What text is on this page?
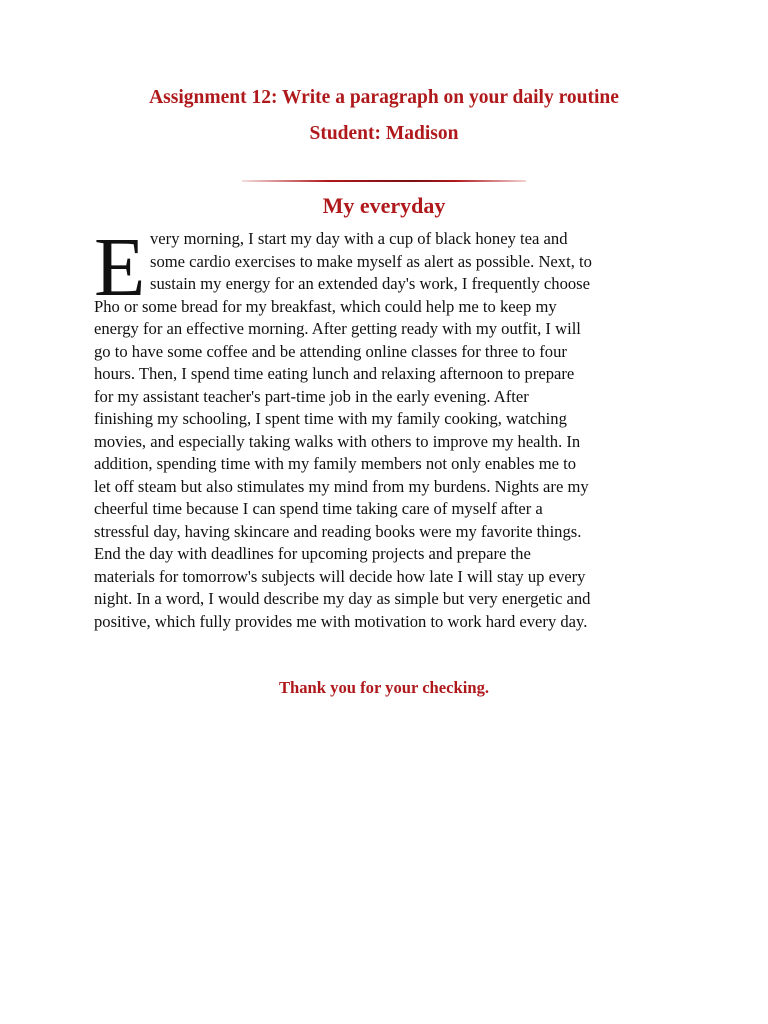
Assignment 12: Write a paragraph on your daily routine
Student: Madison
My everyday
E very morning, I start my day with a cup of black honey tea and
some cardio exercises to make myself as alert as possible. Next, to
sustain my energy for an extended day's work, I frequently choose
Pho or some bread for my breakfast, which could help me to keep my
energy for an effective morning. After getting ready with my outfit, I will
go to have some coffee and be attending online classes for three to four
hours. Then, I spend time eating lunch and relaxing afternoon to prepare
for my assistant teacher's part-time job in the early evening. After
finishing my schooling, I spent time with my family cooking, watching
movies, and especially taking walks with others to improve my health. In
addition, spending time with my family members not only enables me to
let off steam but also stimulates my mind from my burdens. Nights are my
cheerful time because I can spend time taking care of myself after a
stressful day, having skincare and reading books were my favorite things.
End the day with deadlines for upcoming projects and prepare the
materials for tomorrow's subjects will decide how late I will stay up every
night. In a word, I would describe my day as simple but very energetic and
positive, which fully provides me with motivation to work hard every day.
Thank you for your checking.
